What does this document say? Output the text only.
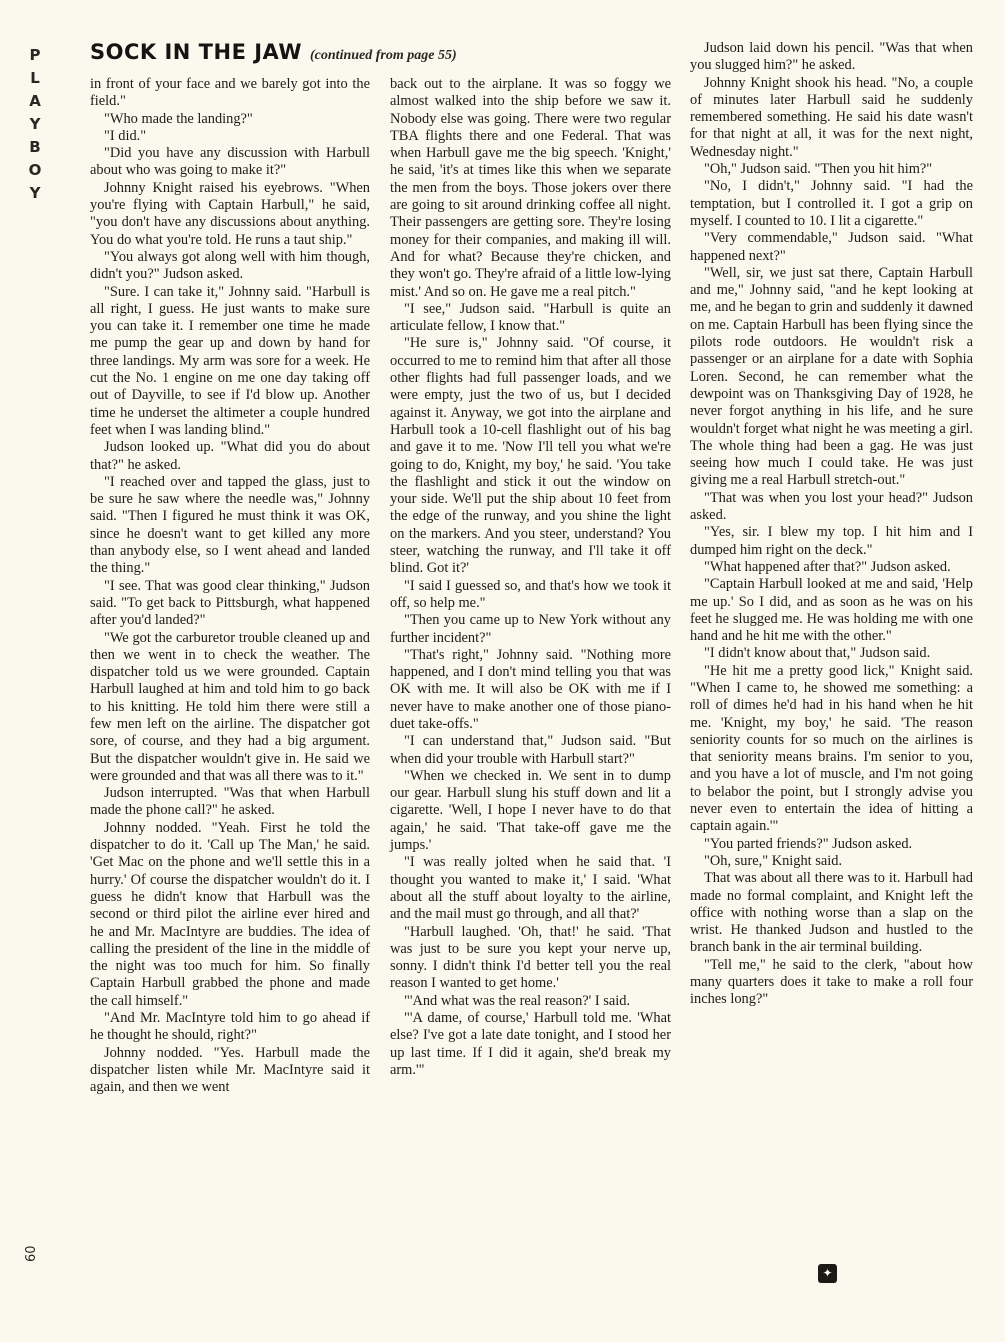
P
L
A
Y
B
O
Y
SOCK IN THE JAW (continued from page 55)

in front of your face and we barely got into the field."

"Who made the landing?"

"I did."

"Did you have any discussion with Harbull about who was going to make it?"

Johnny Knight raised his eyebrows. "When you're flying with Captain Harbull," he said, "you don't have any discussions about anything. You do what you're told. He runs a taut ship."

"You always got along well with him though, didn't you?" Judson asked.

"Sure. I can take it," Johnny said. "Harbull is all right, I guess. He just wants to make sure you can take it. I remember one time he made me pump the gear up and down by hand for three landings. My arm was sore for a week. He cut the No. 1 engine on me one day taking off out of Dayville, to see if I'd blow up. Another time he underset the altimeter a couple hundred feet when I was landing blind."

Judson looked up. "What did you do about that?" he asked.

"I reached over and tapped the glass, just to be sure he saw where the needle was," Johnny said. "Then I figured he must think it was OK, since he doesn't want to get killed any more than anybody else, so I went ahead and landed the thing."

"I see. That was good clear thinking," Judson said. "To get back to Pittsburgh, what happened after you'd landed?"

"We got the carburetor trouble cleaned up and then we went in to check the weather. The dispatcher told us we were grounded. Captain Harbull laughed at him and told him to go back to his knitting. He told him there were still a few men left on the airline. The dispatcher got sore, of course, and they had a big argument. But the dispatcher wouldn't give in. He said we were grounded and that was all there was to it."

Judson interrupted. "Was that when Harbull made the phone call?" he asked.

Johnny nodded. "Yeah. First he told the dispatcher to do it. 'Call up The Man,' he said. 'Get Mac on the phone and we'll settle this in a hurry.' Of course the dispatcher wouldn't do it. I guess he didn't know that Harbull was the second or third pilot the airline ever hired and he and Mr. MacIntyre are buddies. The idea of calling the president of the line in the middle of the night was too much for him. So finally Captain Harbull grabbed the phone and made the call himself."

"And Mr. MacIntyre told him to go ahead if he thought he should, right?"

Johnny nodded. "Yes. Harbull made the dispatcher listen while Mr. MacIntyre said it again, and then we went

back out to the airplane. It was so foggy we almost walked into the ship before we saw it. Nobody else was going. There were two regular TBA flights there and one Federal. That was when Harbull gave me the big speech. 'Knight,' he said, 'it's at times like this when we separate the men from the boys. Those jokers over there are going to sit around drinking coffee all night. Their passengers are getting sore. They're losing money for their companies, and making ill will. And for what? Because they're chicken, and they won't go. They're afraid of a little low-lying mist.' And so on. He gave me a real pitch."

"I see," Judson said. "Harbull is quite an articulate fellow, I know that."

"He sure is," Johnny said. "Of course, it occurred to me to remind him that after all those other flights had full passenger loads, and we were empty, just the two of us, but I decided against it. Anyway, we got into the airplane and Harbull took a 10-cell flashlight out of his bag and gave it to me. 'Now I'll tell you what we're going to do, Knight, my boy,' he said. 'You take the flashlight and stick it out the window on your side. We'll put the ship about 10 feet from the edge of the runway, and you shine the light on the markers. And you steer, understand? You steer, watching the runway, and I'll take it off blind. Got it?'

"I said I guessed so, and that's how we took it off, so help me."

"Then you came up to New York without any further incident?"

"That's right," Johnny said. "Nothing more happened, and I don't mind telling you that was OK with me. It will also be OK with me if I never have to make another one of those piano-duet take-offs."

"I can understand that," Judson said. "But when did your trouble with Harbull start?"

"When we checked in. We sent in to dump our gear. Harbull slung his stuff down and lit a cigarette. 'Well, I hope I never have to do that again,' he said. 'That take-off gave me the jumps.'

"I was really jolted when he said that. 'I thought you wanted to make it,' I said. 'What about all the stuff about loyalty to the airline, and the mail must go through, and all that?'

"Harbull laughed. 'Oh, that!' he said. 'That was just to be sure you kept your nerve up, sonny. I didn't think I'd better tell you the real reason I wanted to get home.'

"'And what was the real reason?' I said.

"'A dame, of course,' Harbull told me. 'What else? I've got a late date tonight, and I stood her up last time. If I did it again, she'd break my arm.'"

Judson laid down his pencil. "Was that when you slugged him?" he asked.

Johnny Knight shook his head. "No, a couple of minutes later Harbull said he suddenly remembered something. He said his date wasn't for that night at all, it was for the next night, Wednesday night."

"Oh," Judson said. "Then you hit him?"

"No, I didn't," Johnny said. "I had the temptation, but I controlled it. I got a grip on myself. I counted to 10. I lit a cigarette."

"Very commendable," Judson said. "What happened next?"

"Well, sir, we just sat there, Captain Harbull and me," Johnny said, "and he kept looking at me, and he began to grin and suddenly it dawned on me. Captain Harbull has been flying since the pilots rode outdoors. He wouldn't risk a passenger or an airplane for a date with Sophia Loren. Second, he can remember what the dewpoint was on Thanksgiving Day of 1928, he never forgot anything in his life, and he sure wouldn't forget what night he was meeting a girl. The whole thing had been a gag. He was just seeing how much I could take. He was just giving me a real Harbull stretch-out."

"That was when you lost your head?" Judson asked.

"Yes, sir. I blew my top. I hit him and I dumped him right on the deck."

"What happened after that?" Judson asked.

"Captain Harbull looked at me and said, 'Help me up.' So I did, and as soon as he was on his feet he slugged me. He was holding me with one hand and he hit me with the other."

"I didn't know about that," Judson said.

"He hit me a pretty good lick," Knight said. "When I came to, he showed me something: a roll of dimes he'd had in his hand when he hit me. 'Knight, my boy,' he said. 'The reason seniority counts for so much on the airlines is that seniority means brains. I'm senior to you, and you have a lot of muscle, and I'm not going to belabor the point, but I strongly advise you never even to entertain the idea of hitting a captain again.'"

"You parted friends?" Judson asked.

"Oh, sure," Knight said.

That was about all there was to it. Harbull had made no formal complaint, and Knight left the office with nothing worse than a slap on the wrist. He thanked Judson and hustled to the branch bank in the air terminal building.

"Tell me," he said to the clerk, "about how many quarters does it take to make a roll four inches long?"

60
✦
